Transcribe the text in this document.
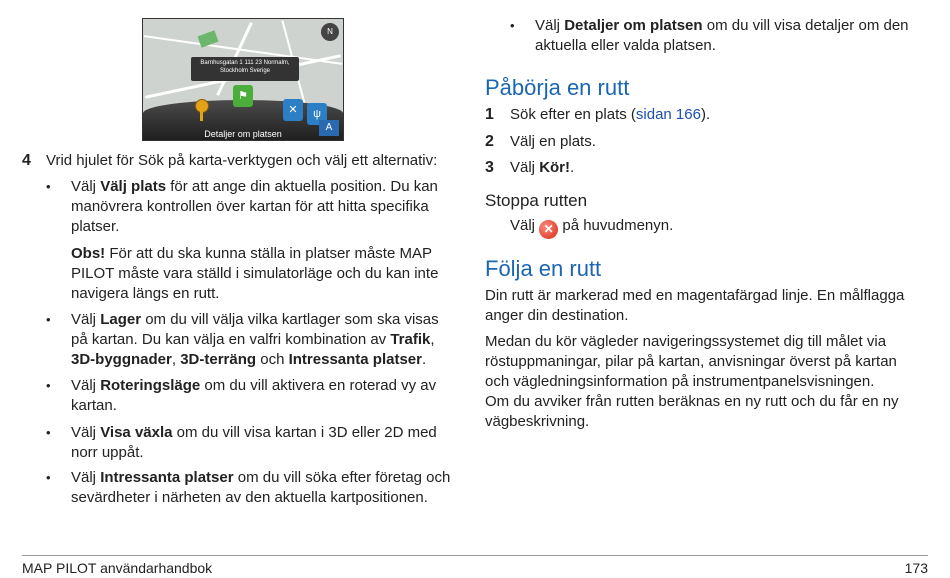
N
Barnhusgatan 1 111 23 Normalm,
Stockholm Sverige
⚑
✕	ψ
A
Detaljer om platsen
4 Vrid hjulet för Sök på karta-verktygen och välj ett alternativ:

• Välj Välj plats för att ange din aktuella position. Du kan manövrera kontrollen över kartan för att hitta specifika platser.

Obs! För att du ska kunna ställa in platser måste MAP PILOT måste vara ställd i simulatorläge och du kan inte navigera längs en rutt.

• Välj Lager om du vill välja vilka kartlager som ska visas på kartan. Du kan välja en valfri kombination av Trafik, 3D-byggnader, 3D-terräng och Intressanta platser.

• Välj Roteringsläge om du vill aktivera en roterad vy av kartan.

• Välj Visa växla om du vill visa kartan i 3D eller 2D med norr uppåt.

• Välj Intressanta platser om du vill söka efter företag och sevärdheter i närheten av den aktuella kartpositionen.

• Välj Detaljer om platsen om du vill visa detaljer om den aktuella eller valda platsen.

Påbörja en rutt
1 Sök efter en plats (sidan 166).

2 Välj en plats.

3 Välj Kör!.

Stoppa rutten

Välj ✕ på huvudmenyn.

Följa en rutt

Din rutt är markerad med en magentafärgad linje. En målflagga anger din destination.

Medan du kör vägleder navigeringssystemet dig till målet via röstuppmaningar, pilar på kartan, anvisningar överst på kartan och vägledningsinformation på instrumentpanelsvisningen.

Om du avviker från rutten beräknas en ny rutt och du får en ny vägbeskrivning.

MAP PILOT användarhandbok	173
